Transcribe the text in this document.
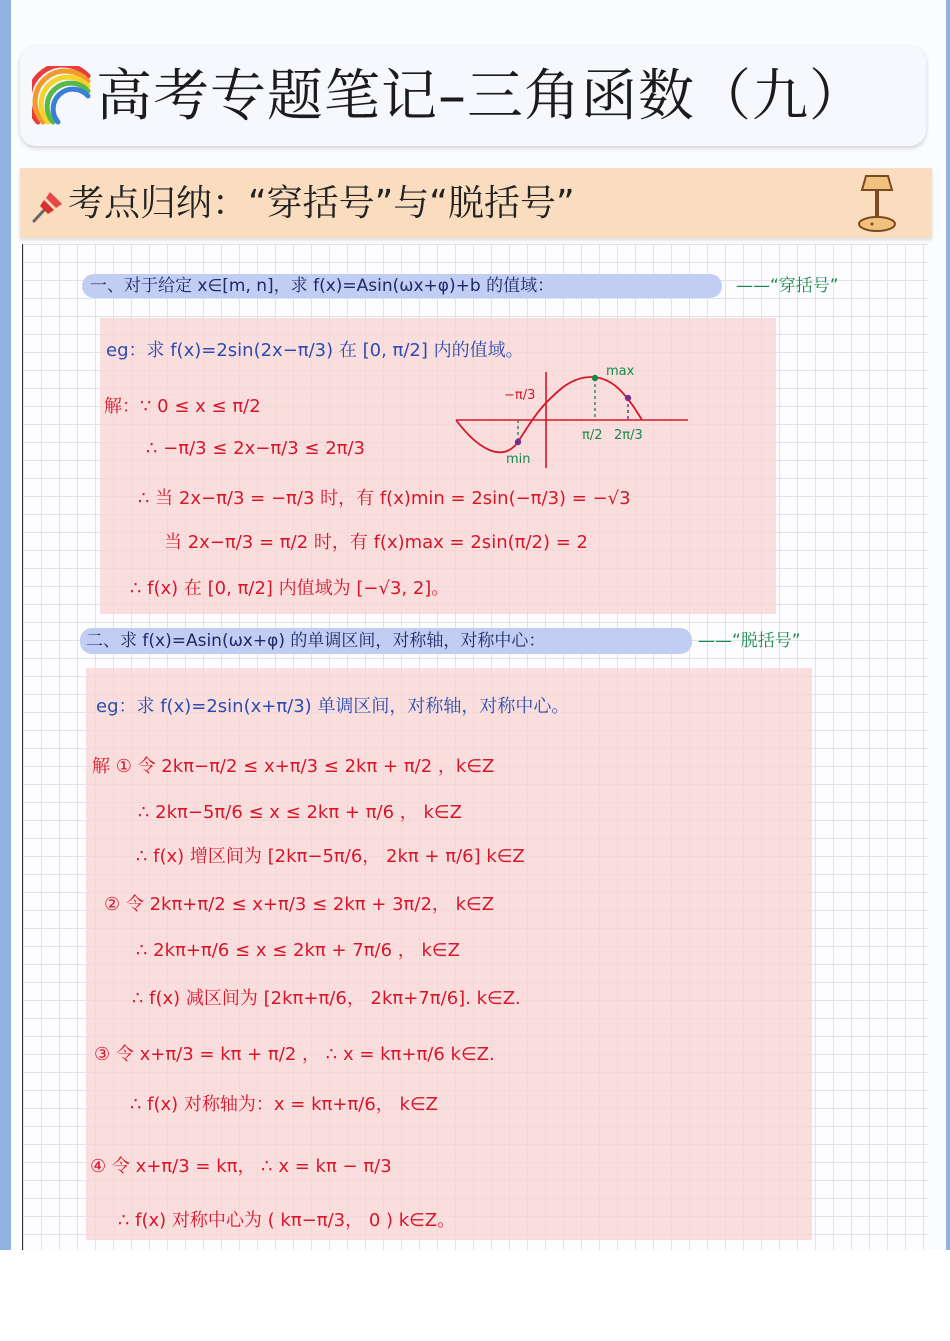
高考专题笔记–三角函数（九）
考点归纳：“穿括号”与“脱括号”
一、对于给定 x∈[m, n]，求 f(x)=Asin(ωx+φ)+b 的值域：	——“穿括号”
eg：求 f(x)=2sin(2x−π/3) 在 [0, π/2] 内的值域。
解：∵ 0 ≤ x ≤ π/2
∴ −π/3 ≤ 2x−π/3 ≤ 2π/3
∴ 当 2x−π/3 = −π/3 时，有 f(x)min = 2sin(−π/3) = −√3
当 2x−π/3 = π/2 时，有 f(x)max = 2sin(π/2) = 2
∴ f(x) 在 [0, π/2] 内值域为 [−√3, 2]。
max
min
−π/3
π/2 2π/3
二、求 f(x)=Asin(ωx+φ) 的单调区间，对称轴，对称中心：	——“脱括号”
eg：求 f(x)=2sin(x+π/3) 单调区间，对称轴，对称中心。
解 ① 令 2kπ−π/2 ≤ x+π/3 ≤ 2kπ + π/2 ，k∈Z
∴ 2kπ−5π/6 ≤ x ≤ 2kπ + π/6 ， k∈Z
∴ f(x) 增区间为 [2kπ−5π/6， 2kπ + π/6] k∈Z
② 令 2kπ+π/2 ≤ x+π/3 ≤ 2kπ + 3π/2， k∈Z
∴ 2kπ+π/6 ≤ x ≤ 2kπ + 7π/6 ， k∈Z
∴ f(x) 减区间为 [2kπ+π/6， 2kπ+7π/6]. k∈Z.
③ 令 x+π/3 = kπ + π/2 ， ∴ x = kπ+π/6 k∈Z.
∴ f(x) 对称轴为：x = kπ+π/6， k∈Z
④ 令 x+π/3 = kπ， ∴ x = kπ − π/3
∴ f(x) 对称中心为 ( kπ−π/3， 0 ) k∈Z。
